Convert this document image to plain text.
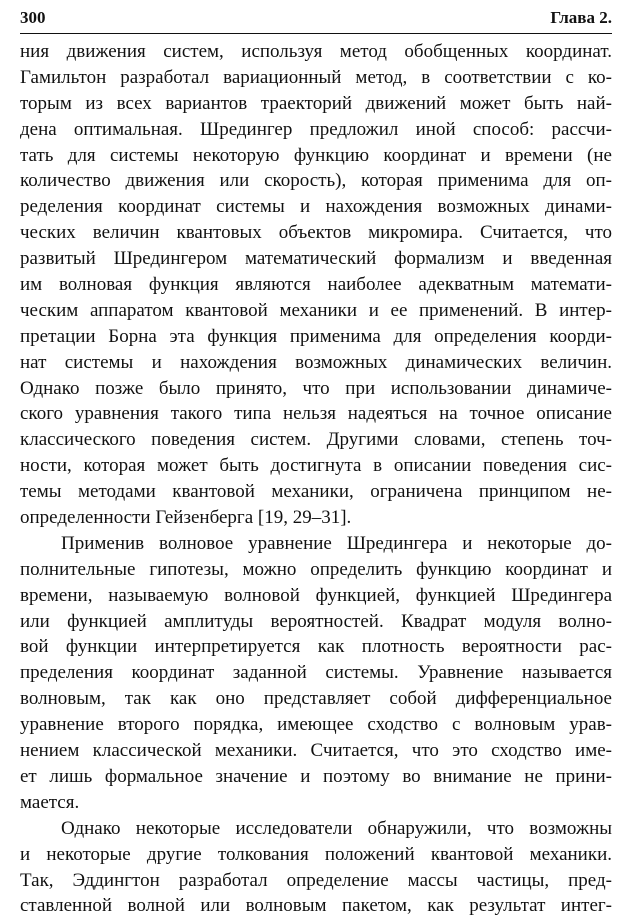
300	Глава 2.
ния движения систем, используя метод обобщенных координат.
Гамильтон разработал вариационный метод, в соответствии с ко-
торым из всех вариантов траекторий движений может быть най-
дена оптимальная. Шредингер предложил иной способ: рассчи-
тать для системы некоторую функцию координат и времени (не
количество движения или скорость), которая применима для оп-
ределения координат системы и нахождения возможных динами-
ческих величин квантовых объектов микромира. Считается, что
развитый Шредингером математический формализм и введенная
им волновая функция являются наиболее адекватным математи-
ческим аппаратом квантовой механики и ее применений. В интер-
претации Борна эта функция применима для определения коорди-
нат системы и нахождения возможных динамических величин.
Однако позже было принято, что при использовании динамиче-
ского уравнения такого типа нельзя надеяться на точное описание
классического поведения систем. Другими словами, степень точ-
ности, которая может быть достигнута в описании поведения сис-
темы методами квантовой механики, ограничена принципом не-
определенности Гейзенберга [19, 29–31].
Применив волновое уравнение Шредингера и некоторые до-
полнительные гипотезы, можно определить функцию координат и
времени, называемую волновой функцией, функцией Шредингера
или функцией амплитуды вероятностей. Квадрат модуля волно-
вой функции интерпретируется как плотность вероятности рас-
пределения координат заданной системы. Уравнение называется
волновым, так как оно представляет собой дифференциальное
уравнение второго порядка, имеющее сходство с волновым урав-
нением классической механики. Считается, что это сходство име-
ет лишь формальное значение и поэтому во внимание не прини-
мается.
Однако некоторые исследователи обнаружили, что возможны
и некоторые другие толкования положений квантовой механики.
Так, Эддингтон разработал определение массы частицы, пред-
ставленной волной или волновым пакетом, как результат интег-
